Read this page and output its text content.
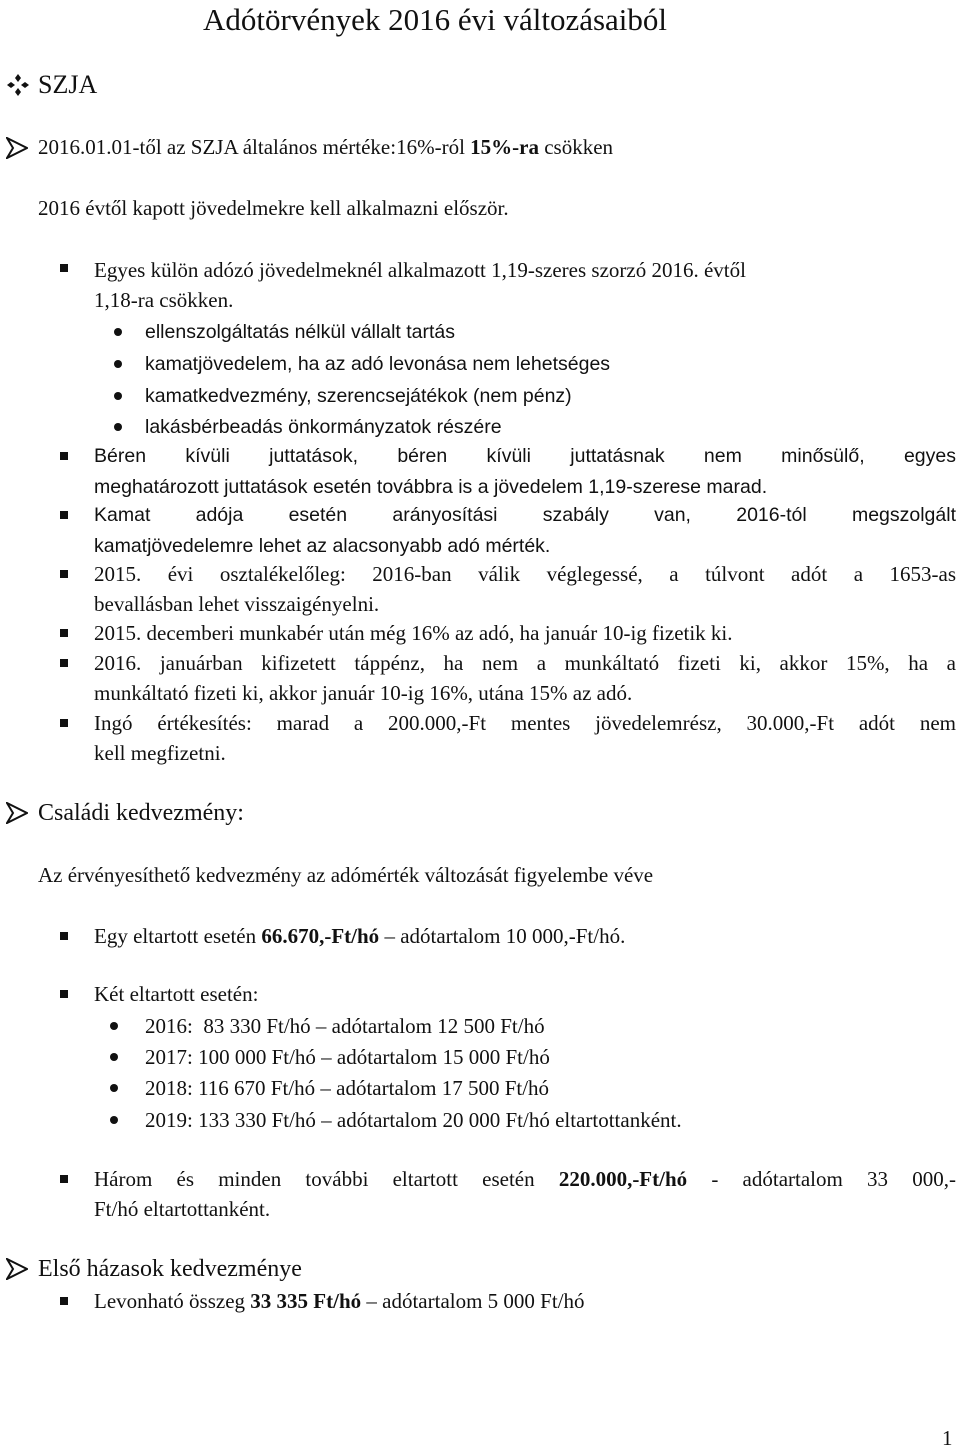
Adótörvények 2016 évi változásaiból
SZJA
2016.01.01-től az SZJA általános mértéke:16%-ról 15%-ra csökken
2016 évtől kapott jövedelmekre kell alkalmazni először.
Egyes külön adózó jövedelmeknél alkalmazott 1,19-szeres szorzó 2016. évtől
1,18-ra csökken.
ellenszolgáltatás nélkül vállalt tartás
kamatjövedelem, ha az adó levonása nem lehetséges
kamatkedvezmény, szerencsejátékok (nem pénz)
lakásbérbeadás önkormányzatok részére
Béren kívüli juttatások, béren kívüli juttatásnak nem minősülő, egyes
meghatározott juttatások esetén továbbra is a jövedelem 1,19-szerese marad.
Kamat adója esetén arányosítási szabály van, 2016-tól megszolgált
kamatjövedelemre lehet az alacsonyabb adó mérték.
2015. évi osztalékelőleg: 2016-ban válik véglegessé, a túlvont adót a 1653-as
bevallásban lehet visszaigényelni.
2015. decemberi munkabér után még 16% az adó, ha január 10-ig fizetik ki.
2016. januárban kifizetett táppénz, ha nem a munkáltató fizeti ki, akkor 15%, ha a
munkáltató fizeti ki, akkor január 10-ig 16%, utána 15% az adó.
Ingó értékesítés: marad a 200.000,-Ft mentes jövedelemrész, 30.000,-Ft adót nem
kell megfizetni.
Családi kedvezmény:
Az érvényesíthető kedvezmény az adómérték változását figyelembe véve
Egy eltartott esetén 66.670,-Ft/hó – adótartalom 10 000,-Ft/hó.
Két eltartott esetén:
2016:  83 330 Ft/hó – adótartalom 12 500 Ft/hó
2017: 100 000 Ft/hó – adótartalom 15 000 Ft/hó
2018: 116 670 Ft/hó – adótartalom 17 500 Ft/hó
2019: 133 330 Ft/hó – adótartalom 20 000 Ft/hó eltartottanként.
Három és minden további eltartott esetén 220.000,-Ft/hó - adótartalom 33 000,-
Ft/hó eltartottanként.
Első házasok kedvezménye
Levonható összeg 33 335 Ft/hó – adótartalom 5 000 Ft/hó
1
